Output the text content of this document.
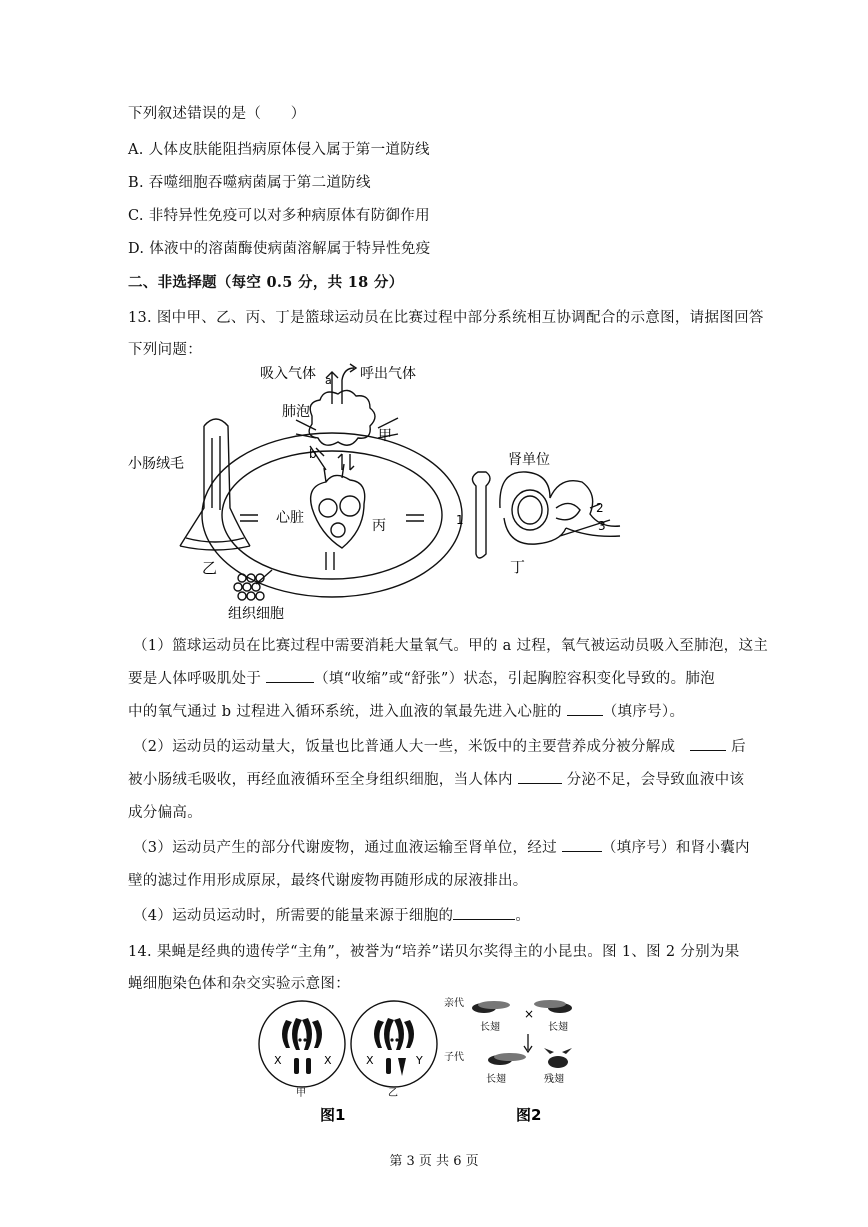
下列叙述错误的是（　　）
A. 人体皮肤能阻挡病原体侵入属于第一道防线
B. 吞噬细胞吞噬病菌属于第二道防线
C. 非特异性免疫可以对多种病原体有防御作用
D. 体液中的溶菌酶使病菌溶解属于特异性免疫
二、非选择题（每空 0.5 分，共 18 分）
13. 图中甲、乙、丙、丁是篮球运动员在比赛过程中部分系统相互协调配合的示意图，请据图回答
下列问题：
吸入气体	呼出气体
a
肺泡
甲
b
小肠绒毛
乙
心脏	丙
肾单位
1
2
3
丁
组织细胞
（1）篮球运动员在比赛过程中需要消耗大量氧气。甲的 a 过程，氧气被运动员吸入至肺泡，这主
要是人体呼吸肌处于	（填“收缩”或“舒张”）状态，引起胸腔容积变化导致的。肺泡
中的氧气通过 b 过程进入循环系统，进入血液的氧最先进入心脏的	（填序号）。
（2）运动员的运动量大，饭量也比普通人大一些，米饭中的主要营养成分被分解成　	后
被小肠绒毛吸收，再经血液循环至全身组织细胞，当人体内	分泌不足，会导致血液中该
成分偏高。
（3）运动员产生的部分代谢废物，通过血液运输至肾单位，经过	（填序号）和肾小囊内
壁的滤过作用形成原尿，最终代谢废物再随形成的尿液排出。
（4）运动员运动时，所需要的能量来源于细胞的	。
14. 果蝇是经典的遗传学“主角”，被誉为“培养”诺贝尔奖得主的小昆虫。图 1、图 2 分别为果
蝇细胞染色体和杂交实验示意图：
X	X
甲
X	Y
乙
图1
亲代
×
长翅	长翅
子代
长翅	残翅
图2
第 3 页 共 6 页
